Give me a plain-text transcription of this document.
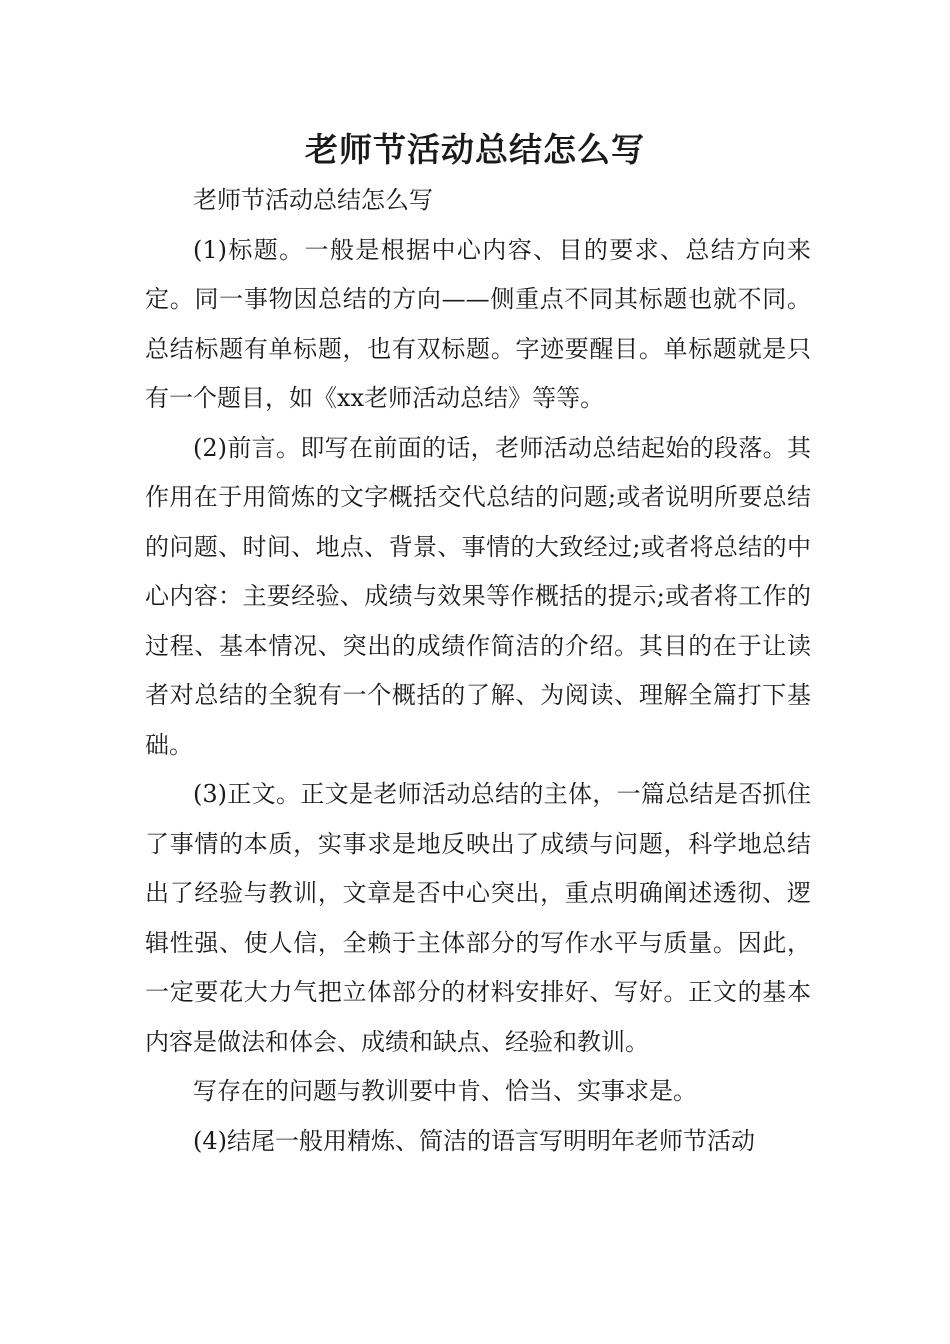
老师节活动总结怎么写

老师节活动总结怎么写

(1)标题。一般是根据中心内容、目的要求、总结方向来定。同一事物因总结的方向——侧重点不同其标题也就不同。总结标题有单标题，也有双标题。字迹要醒目。单标题就是只有一个题目，如《xx老师活动总结》等等。

(2)前言。即写在前面的话，老师活动总结起始的段落。其作用在于用简炼的文字概括交代总结的问题;或者说明所要总结的问题、时间、地点、背景、事情的大致经过;或者将总结的中心内容：主要经验、成绩与效果等作概括的提示;或者将工作的过程、基本情况、突出的成绩作简洁的介绍。其目的在于让读者对总结的全貌有一个概括的了解、为阅读、理解全篇打下基础。

(3)正文。正文是老师活动总结的主体，一篇总结是否抓住了事情的本质，实事求是地反映出了成绩与问题，科学地总结出了经验与教训，文章是否中心突出，重点明确阐述透彻、逻辑性强、使人信，全赖于主体部分的写作水平与质量。因此，一定要花大力气把立体部分的材料安排好、写好。正文的基本内容是做法和体会、成绩和缺点、经验和教训。

写存在的问题与教训要中肯、恰当、实事求是。

(4)结尾一般用精炼、简洁的语言写明明年老师节活动
